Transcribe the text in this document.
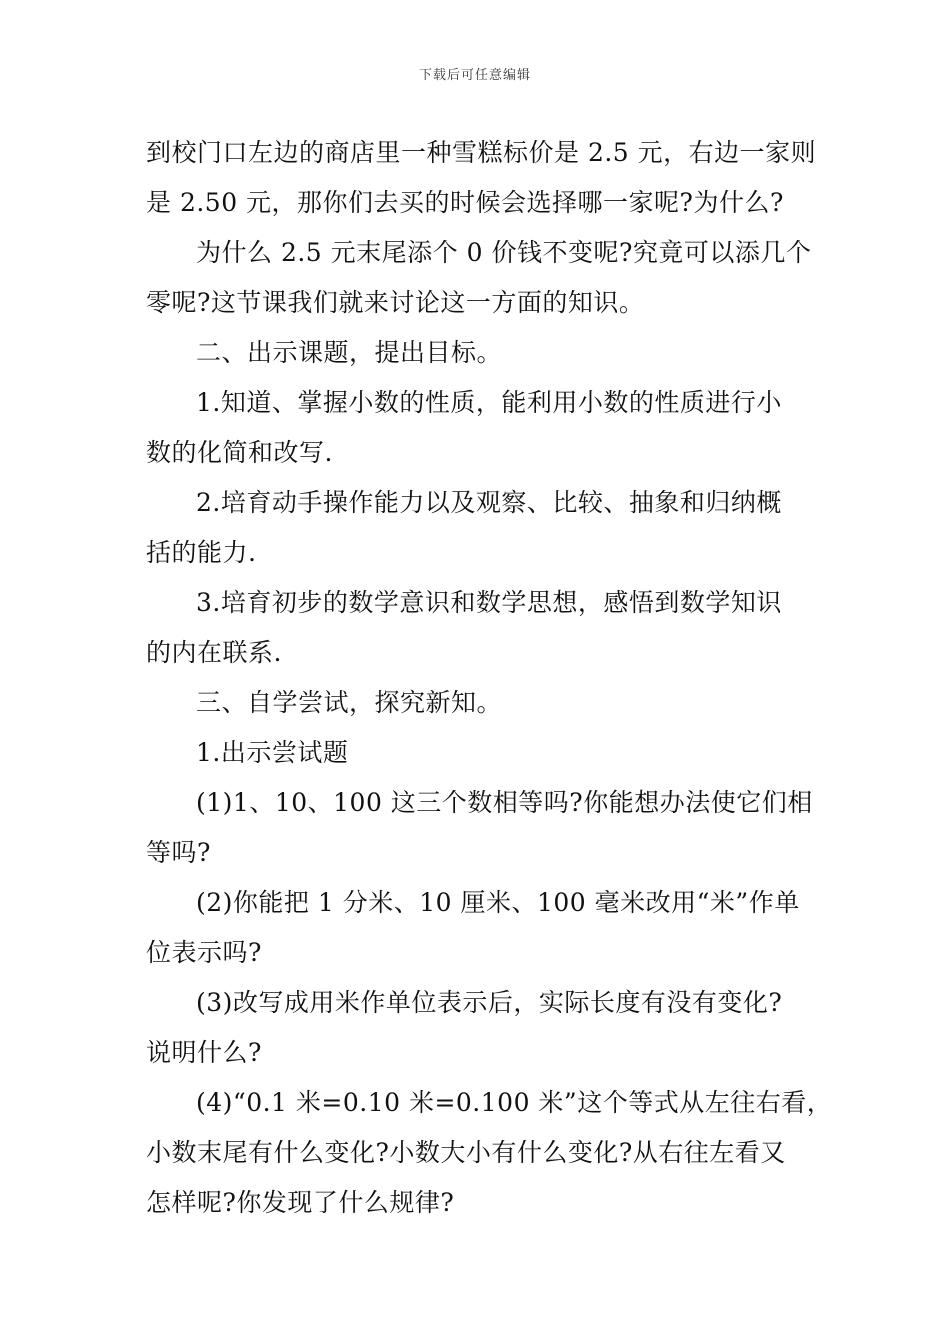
下载后可任意编辑
到校门口左边的商店里一种雪糕标价是 2.5 元，右边一家则
是 2.50 元，那你们去买的时候会选择哪一家呢?为什么?
为什么 2.5 元末尾添个 0 价钱不变呢?究竟可以添几个
零呢?这节课我们就来讨论这一方面的知识。
二、出示课题，提出目标。
1.知道、掌握小数的性质，能利用小数的性质进行小
数的化简和改写.
2.培育动手操作能力以及观察、比较、抽象和归纳概
括的能力.
3.培育初步的数学意识和数学思想，感悟到数学知识
的内在联系.
三、自学尝试，探究新知。
1.出示尝试题
(1)1、10、100 这三个数相等吗?你能想办法使它们相
等吗?
(2)你能把 1 分米、10 厘米、100 毫米改用“米”作单
位表示吗?
(3)改写成用米作单位表示后，实际长度有没有变化?
说明什么?
(4)“0.1 米=0.10 米=0.100 米”这个等式从左往右看，
小数末尾有什么变化?小数大小有什么变化?从右往左看又
怎样呢?你发现了什么规律?
